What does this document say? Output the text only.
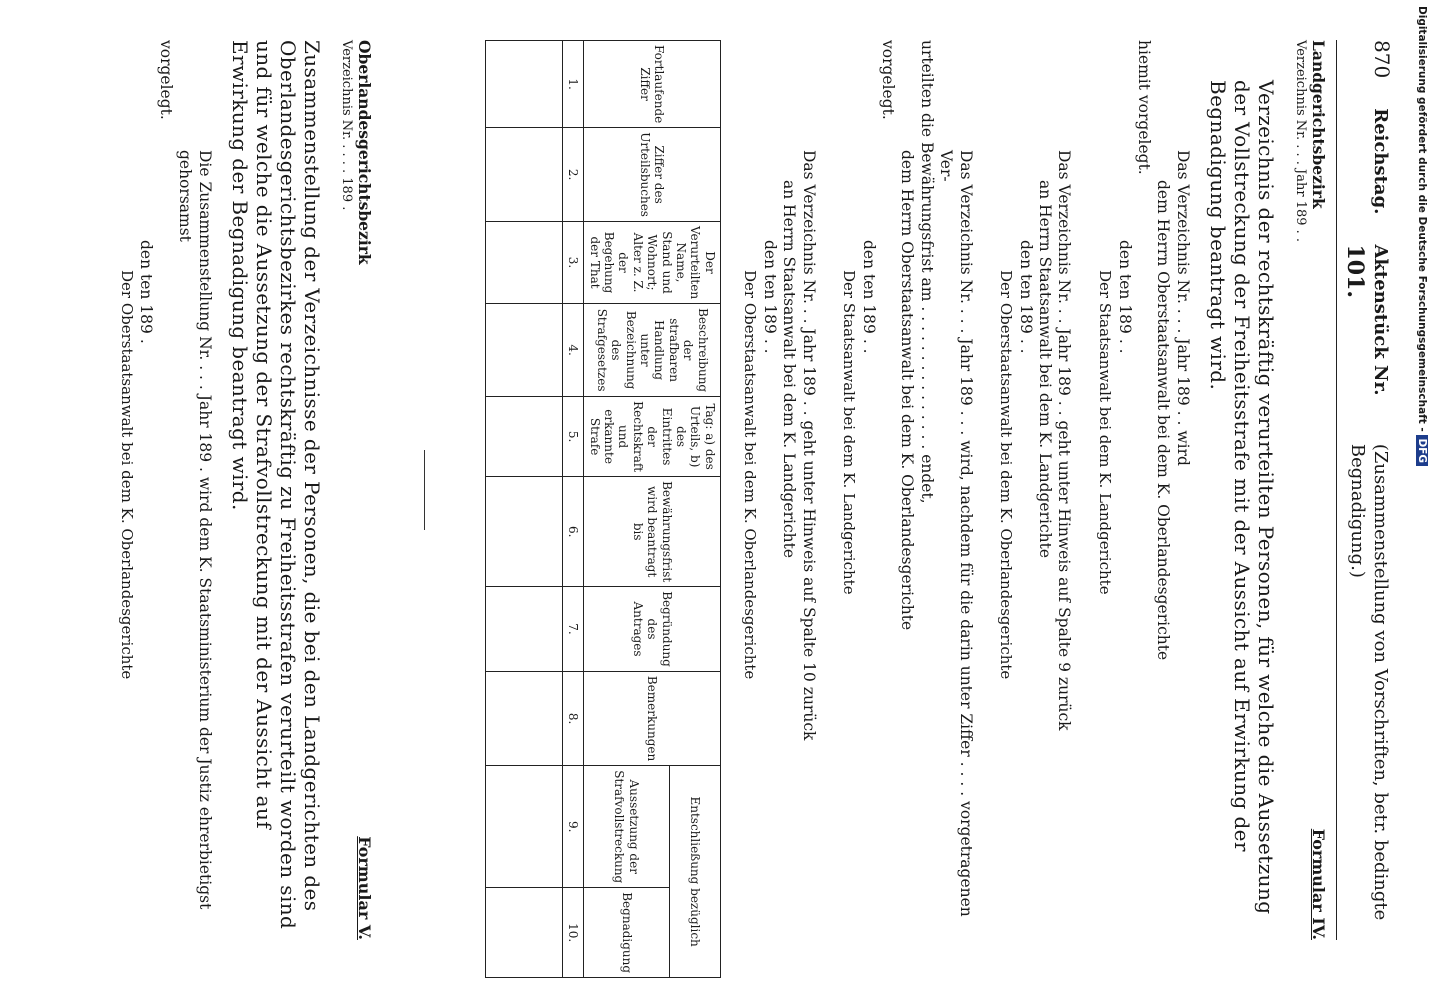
870
Reichstag.
Aktenstück Nr. 101.
(Zusammenstellung von Vorschriften, betr. bedingte Begnadigung.)
Landgerichtsbezirk
Formular IV.
Verzeichnis Nr. . . . Jahr 189 . .
Verzeichnis der rechtskräftig verurteilten Personen, für welche die Aussetzung der Vollstreckung der Freiheitsstrafe mit der Aussicht auf Erwirkung der Begnadigung beantragt wird.
Das Verzeichnis Nr. . . . Jahr 189 . . wird
dem Herrn Oberstaatsanwalt bei dem K. Oberlandesgerichte
hiemit vorgelegt.
den ten 189 . .
Der Staatsanwalt bei dem K. Landgerichte
Das Verzeichnis Nr. . . Jahr 189 . . geht unter Hinweis auf Spalte 9 zurück
an Herrn Staatsanwalt bei dem K. Landgerichte
den ten 189 . .
Der Oberstaatsanwalt bei dem K. Oberlandesgerichte
Das Verzeichnis Nr. . . . Jahr 189 . . . wird, nachdem für die darin unter Ziffer . . . . vorgetragenen Ver-
urteilten die Bewährungsfrist am . . . . . . . . . . . . . . . endet,
dem Herrn Oberstaatsanwalt bei dem K. Oberlandesgerichte
vorgelegt.
den ten 189 . .
Der Staatsanwalt bei dem K. Landgerichte
Das Verzeichnis Nr. . . Jahr 189 . . geht unter Hinweis auf Spalte 10 zurück
an Herrn Staatsanwalt bei dem K. Landgerichte
den ten 189 . .
Der Oberstaatsanwalt bei dem K. Oberlandesgerichte
Fortlaufende Ziffer	Ziffer des Urteilsbuches	Der Verurteilten Name, Stand und Wohnort; Alter z. Z. der Begehung der That	Beschreibung der strafbaren Handlung unter Bezeichnung des Strafgesetzes	Tag: a) des Urteils, b) des Eintrittes der Rechtskraft und erkannte Strafe	Bewährungsfrist wird beantragt bis	Begründung des Antrages	Bemerkungen	Entschließung bezüglich	
								Aussetzung der Strafvollstreckung	Begnadigung
1.	2.	3.	4.	5.	6.	7.	8.	9.	10.

Oberlandesgerichtsbezirk
Formular V.
Verzeichnis Nr. . . . . 189 .
Zusammenstellung der Verzeichnisse der Personen, die bei den Landgerichten des Oberlandesgerichtsbezirkes rechtskräftig zu Freiheitsstrafen verurteilt worden sind und für welche die Aussetzung der Strafvollstreckung mit der Aussicht auf Erwirkung der Begnadigung beantragt wird.
Die Zusammenstellung Nr. . . . Jahr 189 . wird dem K. Staatsministerium der Justiz ehrerbietigst gehorsamst
vorgelegt.
den ten 189 .
Der Oberstaatsanwalt bei dem K. Oberlandesgerichte
Digitalisierung gefördert durch die Deutsche Forschungsgemeinschaft - DFG
